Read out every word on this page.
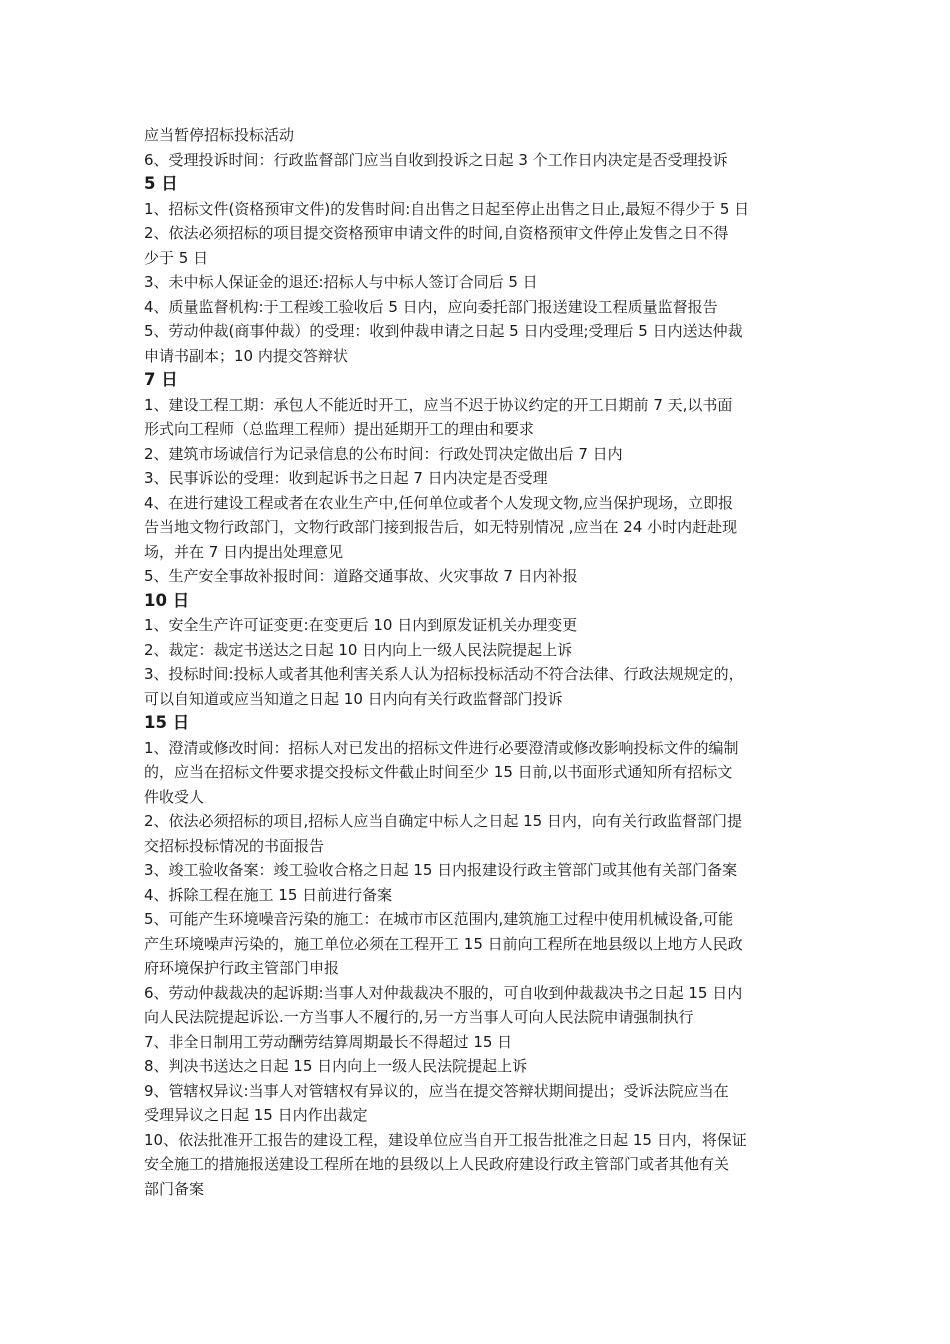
应当暂停招标投标活动
6、受理投诉时间：行政监督部门应当自收到投诉之日起 3 个工作日内决定是否受理投诉
5 日
1、招标文件(资格预审文件)的发售时间:自出售之日起至停止出售之日止,最短不得少于 5 日
2、依法必须招标的项目提交资格预审申请文件的时间,自资格预审文件停止发售之日不得
少于 5 日
3、未中标人保证金的退还:招标人与中标人签订合同后 5 日
4、质量监督机构:于工程竣工验收后 5 日内，应向委托部门报送建设工程质量监督报告
5、劳动仲裁(商事仲裁）的受理：收到仲裁申请之日起 5 日内受理;受理后 5 日内送达仲裁
申请书副本；10 内提交答辩状
7 日
1、建设工程工期：承包人不能近时开工，应当不迟于协议约定的开工日期前 7 天,以书面
形式向工程师（总监理工程师）提出延期开工的理由和要求
2、建筑市场诚信行为记录信息的公布时间：行政处罚决定做出后 7 日内
3、民事诉讼的受理：收到起诉书之日起 7 日内决定是否受理
4、在进行建设工程或者在农业生产中,任何单位或者个人发现文物,应当保护现场，立即报
告当地文物行政部门，文物行政部门接到报告后，如无特别情况 ,应当在 24 小时内赶赴现
场，并在 7 日内提出处理意见
5、生产安全事故补报时间：道路交通事故、火灾事故 7 日内补报
10 日
1、安全生产许可证变更:在变更后 10 日内到原发证机关办理变更
2、裁定：裁定书送达之日起 10 日内向上一级人民法院提起上诉
3、投标时间:投标人或者其他利害关系人认为招标投标活动不符合法律、行政法规规定的，
可以自知道或应当知道之日起 10 日内向有关行政监督部门投诉
15 日
1、澄清或修改时间：招标人对已发出的招标文件进行必要澄清或修改影响投标文件的编制
的，应当在招标文件要求提交投标文件截止时间至少 15 日前,以书面形式通知所有招标文
件收受人
2、依法必须招标的项目,招标人应当自确定中标人之日起 15 日内，向有关行政监督部门提
交招标投标情况的书面报告
3、竣工验收备案：竣工验收合格之日起 15 日内报建设行政主管部门或其他有关部门备案
4、拆除工程在施工 15 日前进行备案
5、可能产生环境噪音污染的施工：在城市市区范围内,建筑施工过程中使用机械设备,可能
产生环境噪声污染的，施工单位必须在工程开工 15 日前向工程所在地县级以上地方人民政
府环境保护行政主管部门申报
6、劳动仲裁裁决的起诉期:当事人对仲裁裁决不服的，可自收到仲裁裁决书之日起 15 日内
向人民法院提起诉讼.一方当事人不履行的,另一方当事人可向人民法院申请强制执行
7、非全日制用工劳动酬劳结算周期最长不得超过 15 日
8、判决书送达之日起 15 日内向上一级人民法院提起上诉
9、管辖权异议:当事人对管辖权有异议的，应当在提交答辩状期间提出；受诉法院应当在
受理异议之日起 15 日内作出裁定
10、依法批准开工报告的建设工程，建设单位应当自开工报告批准之日起 15 日内，将保证
安全施工的措施报送建设工程所在地的县级以上人民政府建设行政主管部门或者其他有关
部门备案
